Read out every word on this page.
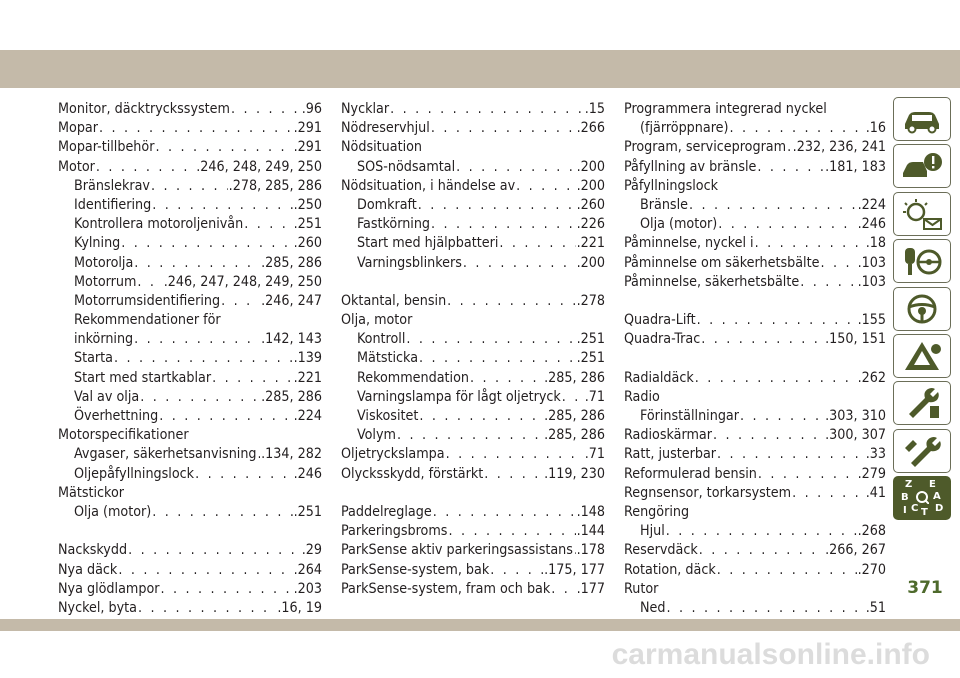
Monitor, däcktryckssystem . . .	.96
Mopar . . .	.291
Mopar-tillbehör . . .	.291
Motor . . .	.246, 248, 249, 250
Bränslekrav . . .	.278, 285, 286
Identifiering . . .	.250
Kontrollera motoroljenivån . . .	.251
Kylning . . .	.260
Motorolja . . .	.285, 286
Motorrum . . . .246, 247, 248, 249, 250
Motorrumsidentifiering . . .	.246, 247
Rekommendationer för
inkörning . . .	.142, 143
Starta . . .	.139
Start med startkablar . . .	.221
Val av olja . . .	.285, 286
Överhettning . . .	.224
Motorspecifikationer
Avgaser, säkerhetsanvisning . . . .134, 282
Oljepåfyllningslock . . .	.246
Mätstickor
Olja (motor) . . .	.251
Nackskydd . . .	.29
Nya däck . . .	.264
Nya glödlampor . . .	.203
Nyckel, byta . . .	.16, 19
Nycklar . . .	.15
Nödreservhjul . . .	.266
Nödsituation
SOS-nödsamtal . . .	.200
Nödsituation, i händelse av . . .	.200
Domkraft . . .	.260
Fastkörning . . .	.226
Start med hjälpbatteri . . .	.221
Varningsblinkers . . .	.200
Oktantal, bensin . . .	.278
Olja, motor
Kontroll . . .	.251
Mätsticka . . .	.251
Rekommendation . . .	.285, 286
Varningslampa för lågt oljetryck . . . .71
Viskositet . . .	.285, 286
Volym . . .	.285, 286
Oljetryckslampa . . .	.71
Olycksskydd, förstärkt . . .	.119, 230
Paddelreglage . . .	.148
Parkeringsbroms . . .	.144
ParkSense aktiv parkeringsassistans . . . .178
ParkSense-system, bak . . .	.175, 177
ParkSense-system, fram och bak . . . .177
Programmera integrerad nyckel
(fjärröppnare) . . .	.16
Program, serviceprogram . . . .232, 236, 241
Påfyllning av bränsle . . .	.181, 183
Påfyllningslock
Bränsle . . .	.224
Olja (motor) . . .	.246
Påminnelse, nyckel i . . .	.18
Påminnelse om säkerhetsbälte . . .	.103
Påminnelse, säkerhetsbälte . . .	.103
Quadra-Lift . . .	.155
Quadra-Trac . . .	.150, 151
Radialdäck . . .	.262
Radio
Förinställningar . . .	.303, 310
Radioskärmar . . .	.300, 307
Ratt, justerbar . . .	.33
Reformulerad bensin . . .	.279
Regnsensor, torkarsystem . . .	.41
Rengöring
Hjul . . .	.268
Reservdäck . . .	.266, 267
Rotation, däck . . .	.270
Rutor
Ned . . .	.51
Z E
B A
C D
I T
371
carmanualsonline.info
